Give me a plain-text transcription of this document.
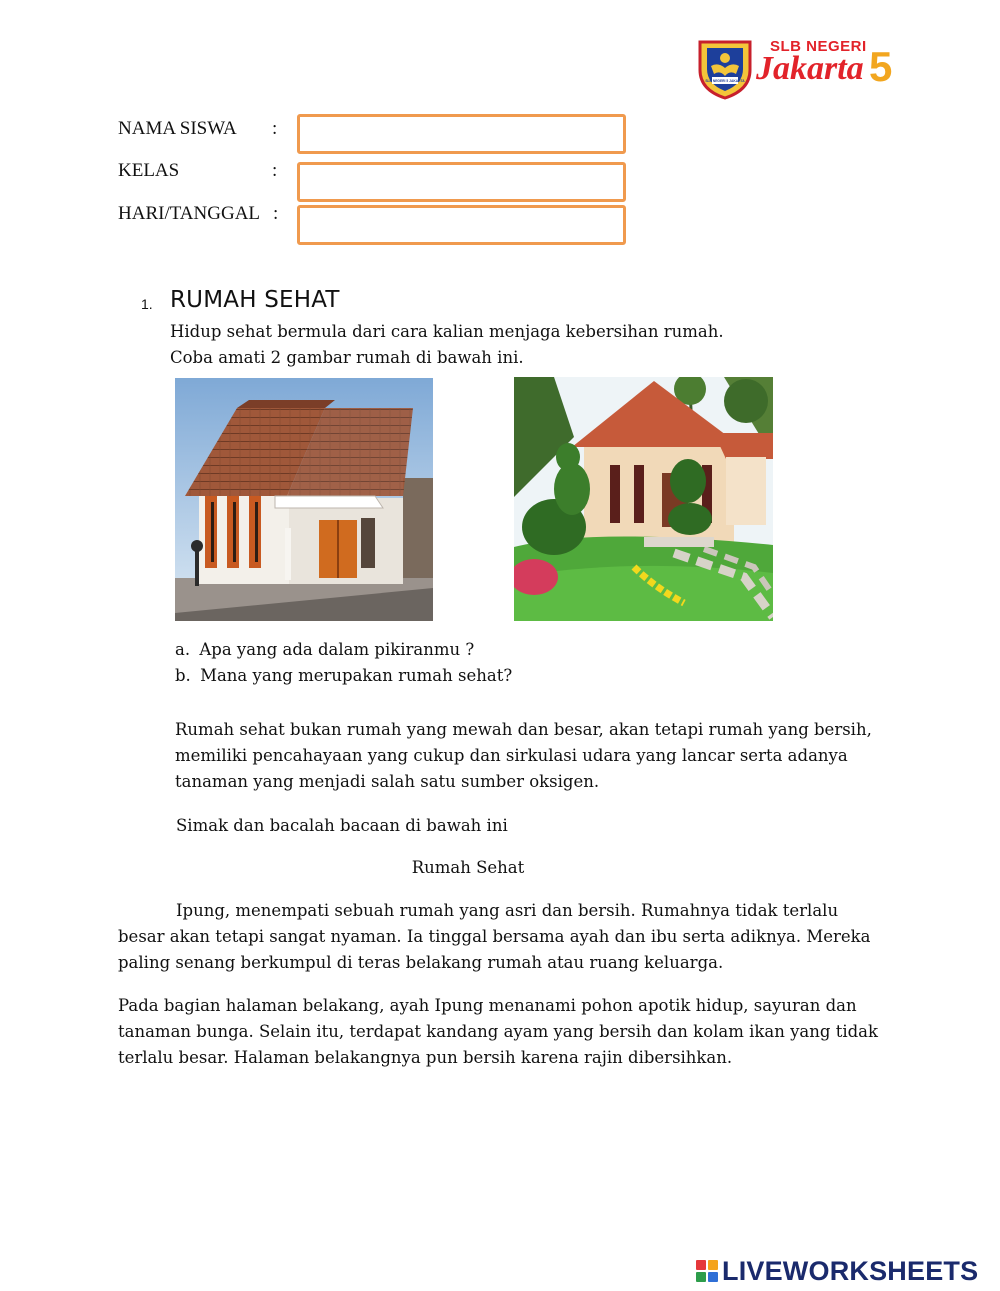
SLB NEGERI 5 JAKARTA
SLB NEGERI
Jakarta 5
NAMA SISWA :
KELAS	:
HARI/TANGGAL :
1. RUMAH SEHAT
Hidup sehat bermula dari cara kalian menjaga kebersihan rumah.
Coba amati 2 gambar rumah di bawah ini.
a. Apa yang ada dalam pikiranmu ?
b. Mana yang merupakan rumah sehat?
Rumah sehat bukan rumah yang mewah dan besar, akan tetapi rumah yang bersih,
memiliki pencahayaan yang cukup dan sirkulasi udara yang lancar serta adanya
tanaman yang menjadi salah satu sumber oksigen.
Simak dan bacalah bacaan di bawah ini
Rumah Sehat
Ipung, menempati sebuah rumah yang asri dan bersih. Rumahnya tidak terlalu
besar akan tetapi sangat nyaman. Ia tinggal bersama ayah dan ibu serta adiknya. Mereka
paling senang berkumpul di teras belakang rumah atau ruang keluarga.
Pada bagian halaman belakang, ayah Ipung menanami pohon apotik hidup, sayuran dan
tanaman bunga. Selain itu, terdapat kandang ayam yang bersih dan kolam ikan yang tidak
terlalu besar. Halaman belakangnya pun bersih karena rajin dibersihkan.
LIVEWORKSHEETS
